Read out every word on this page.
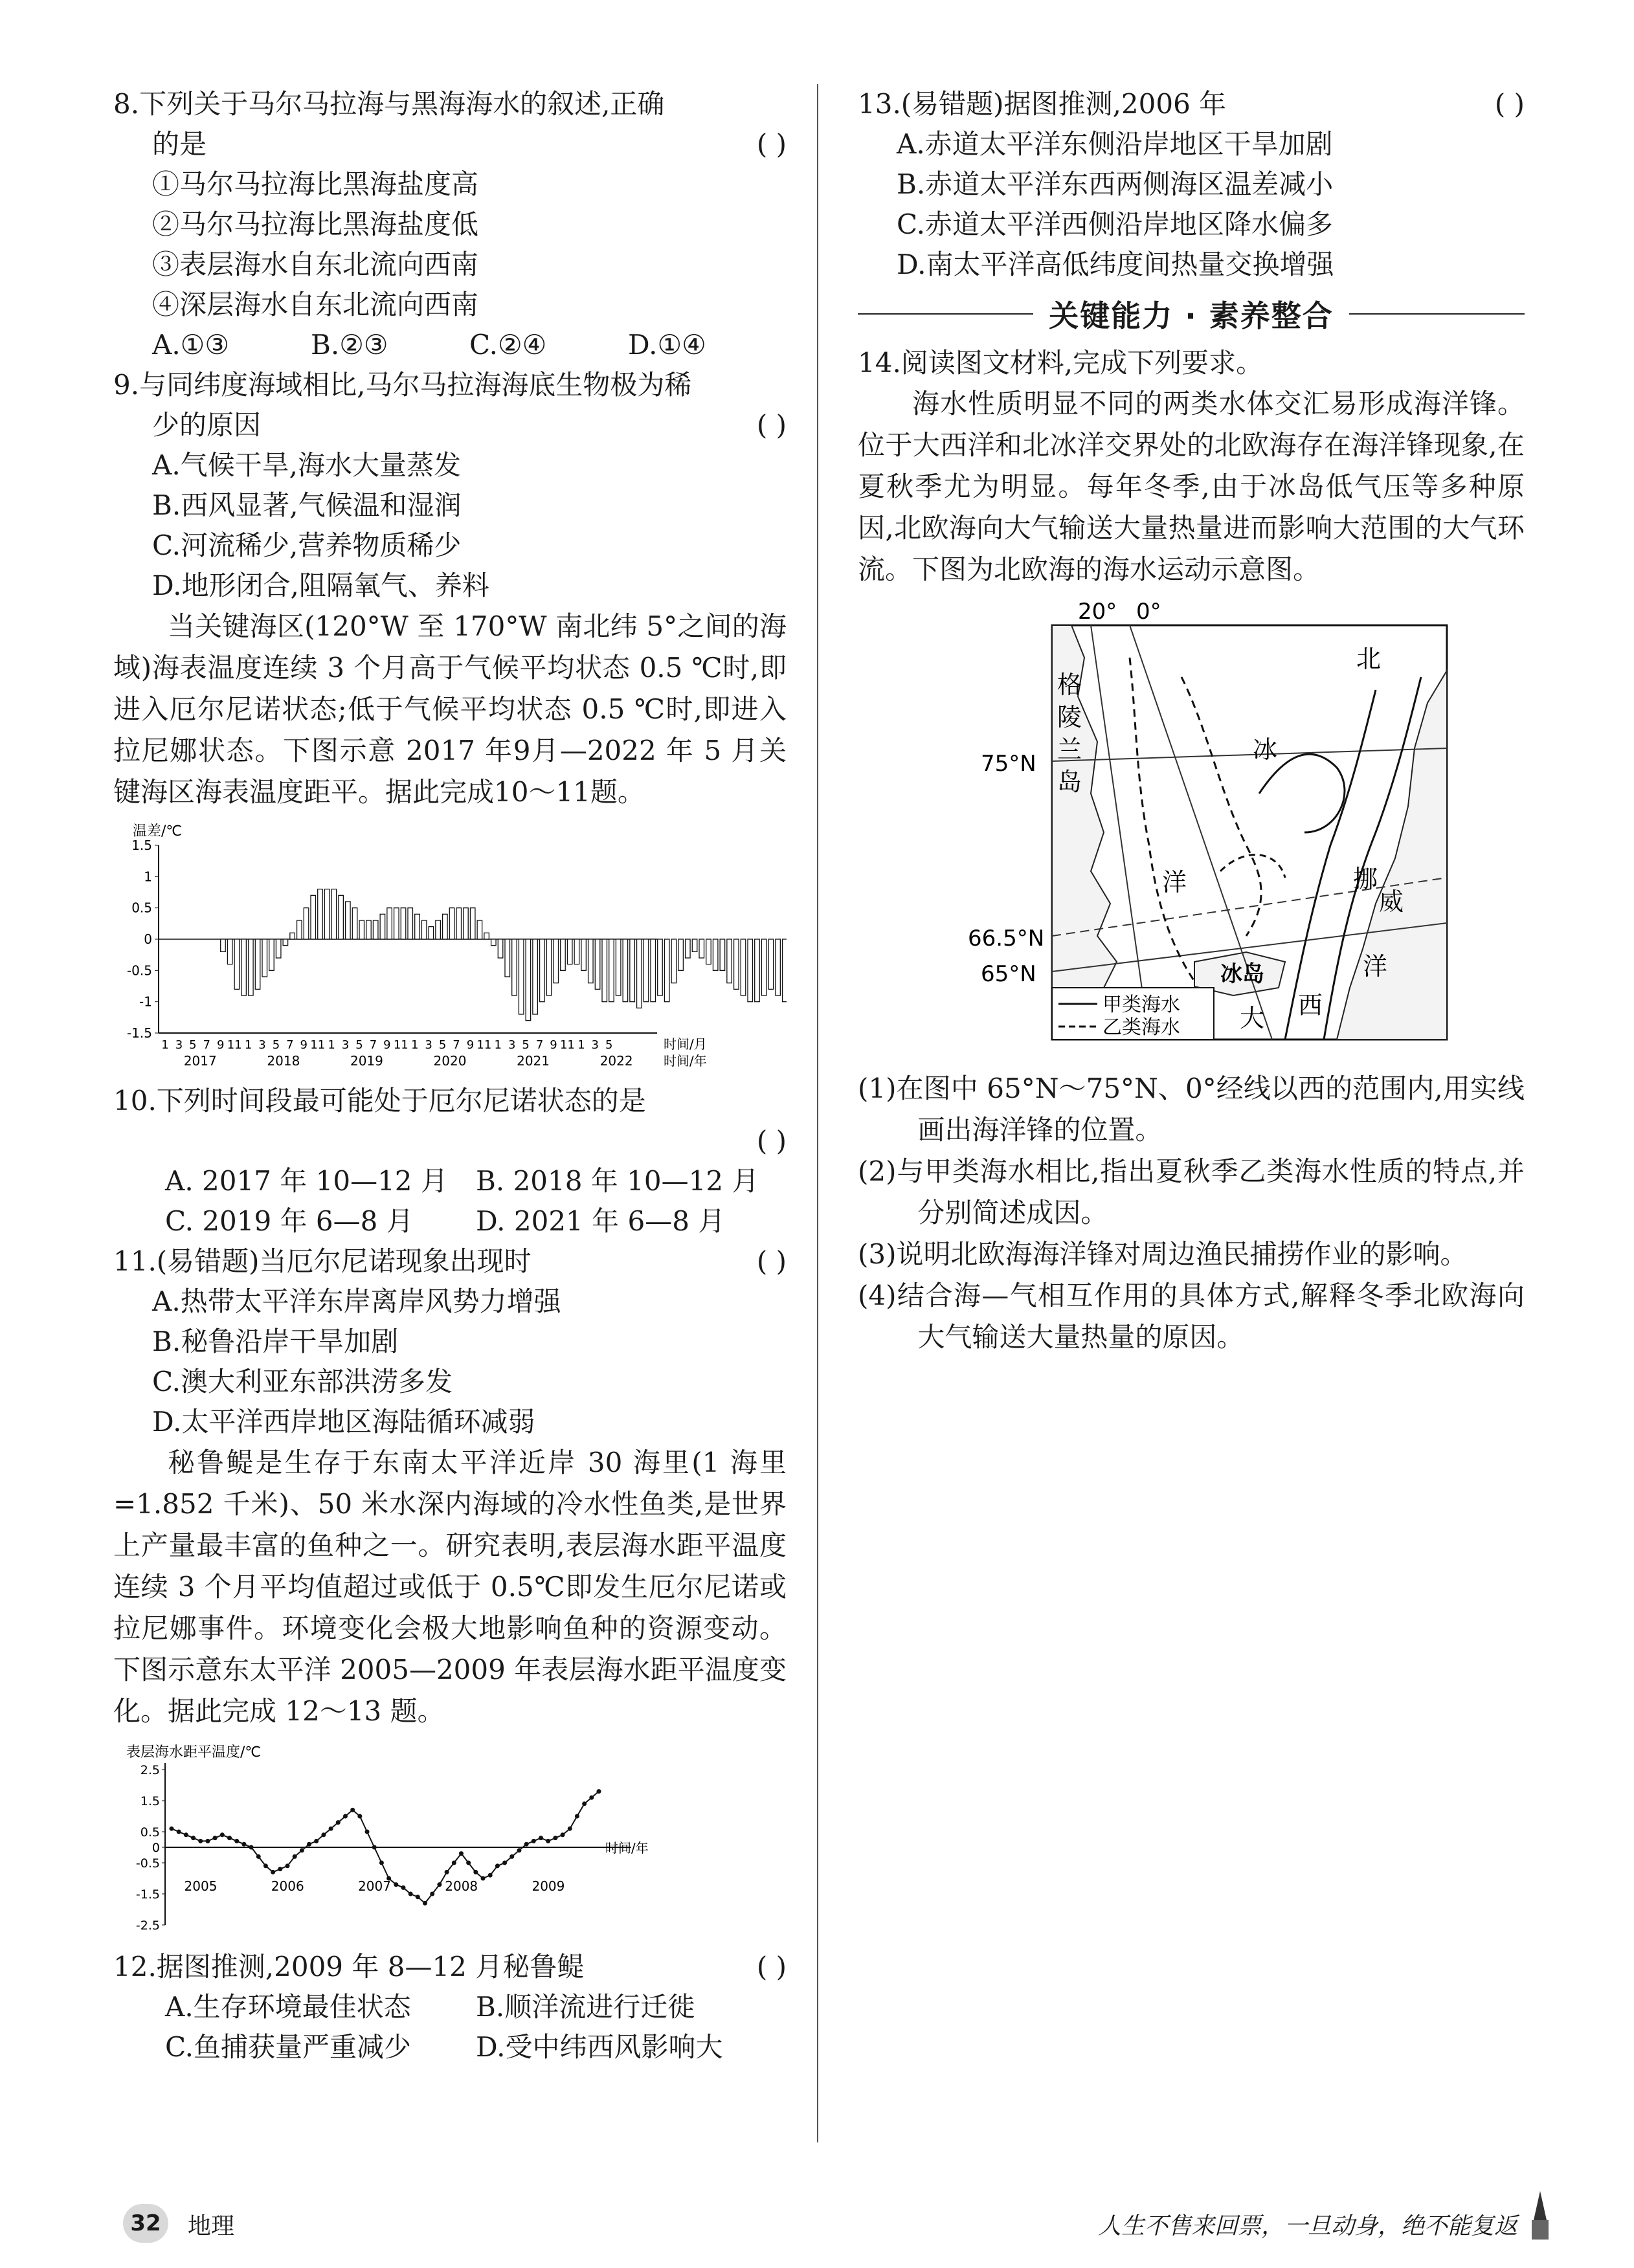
8.下列关于马尔马拉海与黑海海水的叙述,正确

的是	( )

①马尔马拉海比黑海盐度高

②马尔马拉海比黑海盐度低

③表层海水自东北流向西南

④深层海水自东北流向西南

A.①③	B.②③	C.②④	D.①④

9.与同纬度海域相比,马尔马拉海海底生物极为稀

少的原因	( )

A.气候干旱,海水大量蒸发

B.西风显著,气候温和湿润

C.河流稀少,营养物质稀少

D.地形闭合,阻隔氧气、养料

当关键海区(120°W 至 170°W 南北纬 5°之间的海域)海表温度连续 3 个月高于气候平均状态 0.5 ℃时,即进入厄尔尼诺状态;低于气候平均状态 0.5 ℃时,即进入拉尼娜状态。下图示意 2017 年9月—2022 年 5 月关键海区海表温度距平。据此完成10～11题。

温差/℃
1.5
1
0.5
0
-0.5
-1
-1.5
1 3 5 7 9 11 1 3 5 7 9 11 1 3 5 7 9 11 1 3 5 7 9 11 1 3 5 7 9 11 1 3 5
2017	2018	2019	2020	2021	2022
时间/月
时间/年

10.下列时间段最可能处于厄尔尼诺状态的是

( )

A. 2017 年 10—12 月	B. 2018 年 10—12 月
C. 2019 年 6—8 月	D. 2021 年 6—8 月

11.(易错题)当厄尔尼诺现象出现时	( )

A.热带太平洋东岸离岸风势力增强

B.秘鲁沿岸干旱加剧

C.澳大利亚东部洪涝多发

D.太平洋西岸地区海陆循环减弱

秘鲁鳀是生存于东南太平洋近岸 30 海里(1 海里=1.852 千米)、50 米水深内海域的冷水性鱼类,是世界上产量最丰富的鱼种之一。研究表明,表层海水距平温度连续 3 个月平均值超过或低于 0.5℃即发生厄尔尼诺或拉尼娜事件。环境变化会极大地影响鱼种的资源变动。下图示意东太平洋 2005—2009 年表层海水距平温度变化。据此完成 12～13 题。

表层海水距平温度/℃
2.5
1.5
0.5
0
-0.5
-1.5
-2.5
2005	2006	2007	2008	2009
时间/年

12.据图推测,2009 年 8—12 月秘鲁鳀	( )

A.生存环境最佳状态	B.顺洋流进行迁徙
C.鱼捕获量严重减少	D.受中纬西风影响大

13.(易错题)据图推测,2006 年	( )

A.赤道太平洋东侧沿岸地区干旱加剧

B.赤道太平洋东西两侧海区温差减小

C.赤道太平洋西侧沿岸地区降水偏多

D.南太平洋高低纬度间热量交换增强

关键能力 · 素养整合

14.阅读图文材料,完成下列要求。

海水性质明显不同的两类水体交汇易形成海洋锋。位于大西洋和北冰洋交界处的北欧海存在海洋锋现象,在夏秋季尤为明显。每年冬季,由于冰岛低气压等多种原因,北欧海向大气输送大量热量进而影响大范围的大气环流。下图为北欧海的海水运动示意图。

20° 0°
75°N
66.5°N
65°N
格
陵
兰
岛
北
冰
洋	挪
威
冰岛
大 西
洋
甲类海水
乙类海水

(1)在图中 65°N～75°N、0°经线以西的范围内,用实线画出海洋锋的位置。

(2)与甲类海水相比,指出夏秋季乙类海水性质的特点,并分别简述成因。

(3)说明北欧海海洋锋对周边渔民捕捞作业的影响。

(4)结合海—气相互作用的具体方式,解释冬季北欧海向大气输送大量热量的原因。

32	地理	人生不售来回票，一旦动身，绝不能复返
